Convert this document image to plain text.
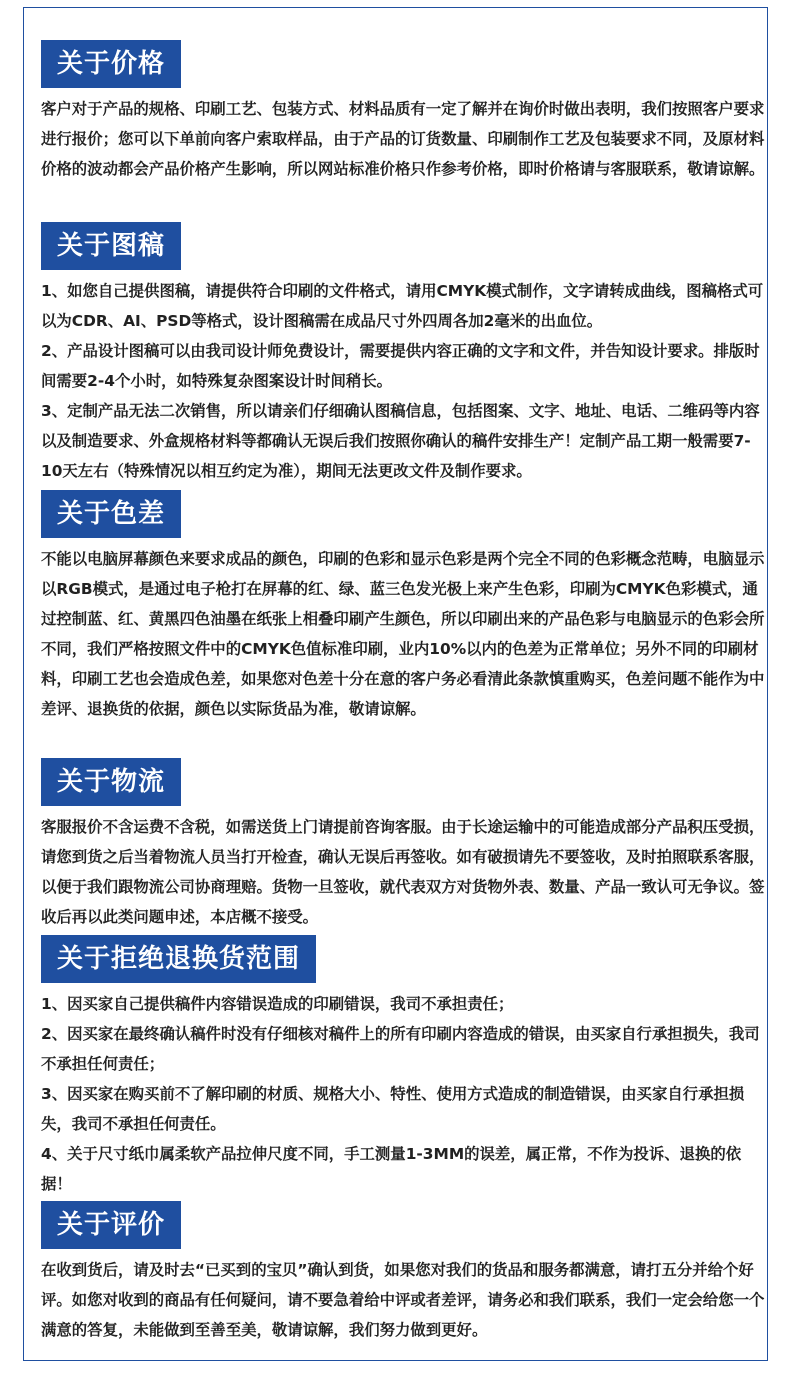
关于价格

客户对于产品的规格、印刷工艺、包装方式、材料品质有一定了解并在询价时做出表明，我们按照客户要求进行报价；您可以下单前向客户索取样品，由于产品的订货数量、印刷制作工艺及包装要求不同，及原材料价格的波动都会产品价格产生影响，所以网站标准价格只作参考价格，即时价格请与客服联系，敬请谅解。

关于图稿

1、如您自己提供图稿，请提供符合印刷的文件格式，请用CMYK模式制作，文字请转成曲线，图稿格式可以为CDR、AI、PSD等格式，设计图稿需在成品尺寸外四周各加2毫米的出血位。

2、产品设计图稿可以由我司设计师免费设计，需要提供内容正确的文字和文件，并告知设计要求。排版时间需要2-4个小时，如特殊复杂图案设计时间稍长。

3、定制产品无法二次销售，所以请亲们仔细确认图稿信息，包括图案、文字、地址、电话、二维码等内容以及制造要求、外盒规格材料等都确认无误后我们按照你确认的稿件安排生产！定制产品工期一般需要7-10天左右（特殊情况以相互约定为准），期间无法更改文件及制作要求。

关于色差

不能以电脑屏幕颜色来要求成品的颜色，印刷的色彩和显示色彩是两个完全不同的色彩概念范畴，电脑显示以RGB模式，是通过电子枪打在屏幕的红、绿、蓝三色发光极上来产生色彩，印刷为CMYK色彩模式，通过控制蓝、红、黄黑四色油墨在纸张上相叠印刷产生颜色，所以印刷出来的产品色彩与电脑显示的色彩会所不同，我们严格按照文件中的CMYK色值标准印刷，业内10%以内的色差为正常单位；另外不同的印刷材料，印刷工艺也会造成色差，如果您对色差十分在意的客户务必看清此条款慎重购买，色差问题不能作为中差评、退换货的依据，颜色以实际货品为准，敬请谅解。

关于物流

客服报价不含运费不含税，如需送货上门请提前咨询客服。由于长途运输中的可能造成部分产品积压受损，请您到货之后当着物流人员当打开检查，确认无误后再签收。如有破损请先不要签收，及时拍照联系客服，以便于我们跟物流公司协商理赔。货物一旦签收，就代表双方对货物外表、数量、产品一致认可无争议。签收后再以此类问题申述，本店概不接受。

关于拒绝退换货范围

1、因买家自己提供稿件内容错误造成的印刷错误，我司不承担责任；

2、因买家在最终确认稿件时没有仔细核对稿件上的所有印刷内容造成的错误，由买家自行承担损失，我司不承担任何责任；

3、因买家在购买前不了解印刷的材质、规格大小、特性、使用方式造成的制造错误，由买家自行承担损失，我司不承担任何责任。

4、关于尺寸纸巾属柔软产品拉伸尺度不同，手工测量1-3MM的误差，属正常，不作为投诉、退换的依据！

关于评价

在收到货后，请及时去“已买到的宝贝”确认到货，如果您对我们的货品和服务都满意，请打五分并给个好评。如您对收到的商品有任何疑问，请不要急着给中评或者差评，请务必和我们联系，我们一定会给您一个满意的答复，未能做到至善至美，敬请谅解，我们努力做到更好。
